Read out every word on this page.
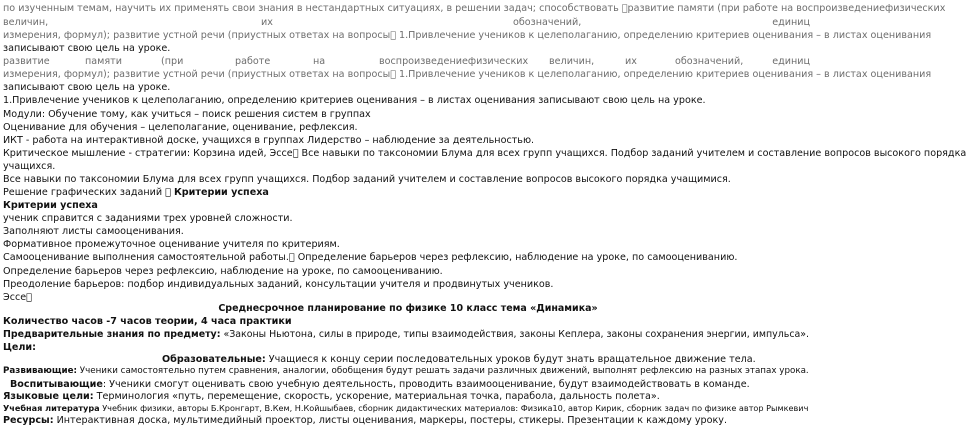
по изученным темам, научить их применять свои знания в нестандартных ситуациях, в решении задач; способствовать развитие памяти (при работе на воспроизведениефизических
величин,	их	обозначений,	единиц
измерения, формул); развитие устной речи (приустных ответах на вопросы 1.Привлечение учеников к целеполаганию, определению критериев оценивания – в листах оценивания
записывают свою цель на уроке.
развитие	памяти	(при	работе	на	воспроизведениефизических величин,	их	обозначений,	единиц
измерения, формул); развитие устной речи (приустных ответах на вопросы 1.Привлечение учеников к целеполаганию, определению критериев оценивания – в листах оценивания
записывают свою цель на уроке.
1.Привлечение учеников к целеполаганию, определению критериев оценивания – в листах оценивания записывают свою цель на уроке.
Модули: Обучение тому, как учиться – поиск решения систем в группах
Оценивание для обучения – целеполагание, оценивание, рефлексия.
ИКТ - работа на интерактивной доске, учащихся в группах Лидерство – наблюдение за деятельностью.
Критическое мышление - стратегии: Корзина идей, Эссе Все навыки по таксономии Блума для всех групп учащихся. Подбор заданий учителем и составление вопросов высокого порядка
учащихся.
Все навыки по таксономии Блума для всех групп учащихся. Подбор заданий учителем и составление вопросов высокого порядка учащимися.
Решение графических заданий Критерии успеха
Критерии успеха
ученик справится с заданиями трех уровней сложности.
Заполняют листы самооценивания.
Формативное промежуточное оценивание учителя по критериям.
Самооценивание выполнения самостоятельной работы. Определение барьеров через рефлексию, наблюдение на уроке, по самооцениванию.
Определение барьеров через рефлексию, наблюдение на уроке, по самооцениванию.
Преодоление барьеров: подбор индивидуальных заданий, консультации учителя и продвинутых учеников.
Эссе
Среднесрочное планирование по физике 10 класс тема «Динамика»
Количество часов -7 часов теории, 4 часа практики
Предварительные знания по предмету: «Законы Ньютона, силы в природе, типы взаимодействия, законы Кеплера, законы сохранения энергии, импульса».
Цели:
Образовательные: Учащиеся к концу серии последовательных уроков будут знать вращательное движение тела.
Развивающие: Ученики самостоятельно путем сравнения, аналогии, обобщения будут решать задачи различных движений, выполнят рефлексию на разных этапах урока.
Воспитывающие: Ученики смогут оценивать свою учебную деятельность, проводить взаимооценивание, будут взаимодействовать в команде.
Языковые цели: Терминология «путь, перемещение, скорость, ускорение, материальная точка, парабола, дальность полета».
Учебная литература Учебник физики, авторы Б.Кронгарт, В.Кем, Н.Койшыбаев, сборник дидактических материалов: Физика10, автор Кирик, сборник задач по физике автор Рымкевич
Ресурсы: Интерактивная доска, мультимедийный проектор, листы оценивания, маркеры, постеры, стикеры. Презентации к каждому уроку.
